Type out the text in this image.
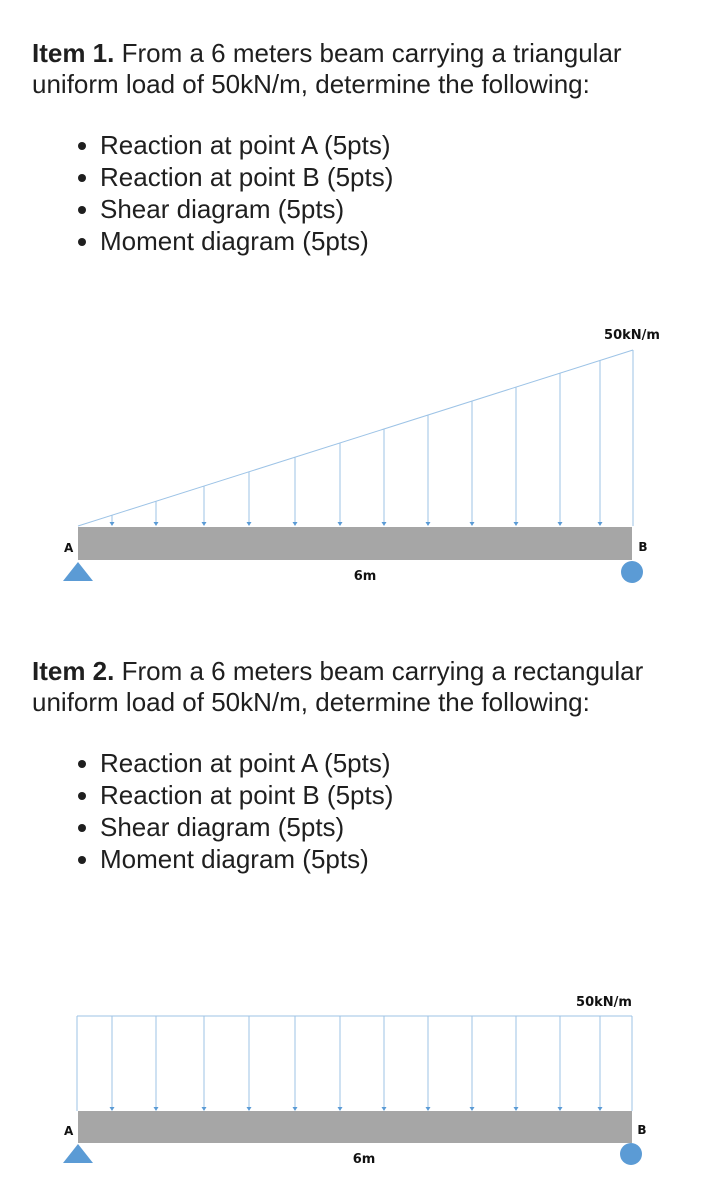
Item 1. From a 6 meters beam carrying a triangular uniform load of 50kN/m, determine the following:
Reaction at point A (5pts)
Reaction at point B (5pts)
Shear diagram (5pts)
Moment diagram (5pts)
A	B
6m
50kN/m
Item 2. From a 6 meters beam carrying a rectangular uniform load of 50kN/m, determine the following:
Reaction at point A (5pts)
Reaction at point B (5pts)
Shear diagram (5pts)
Moment diagram (5pts)
A	B
6m
50kN/m
